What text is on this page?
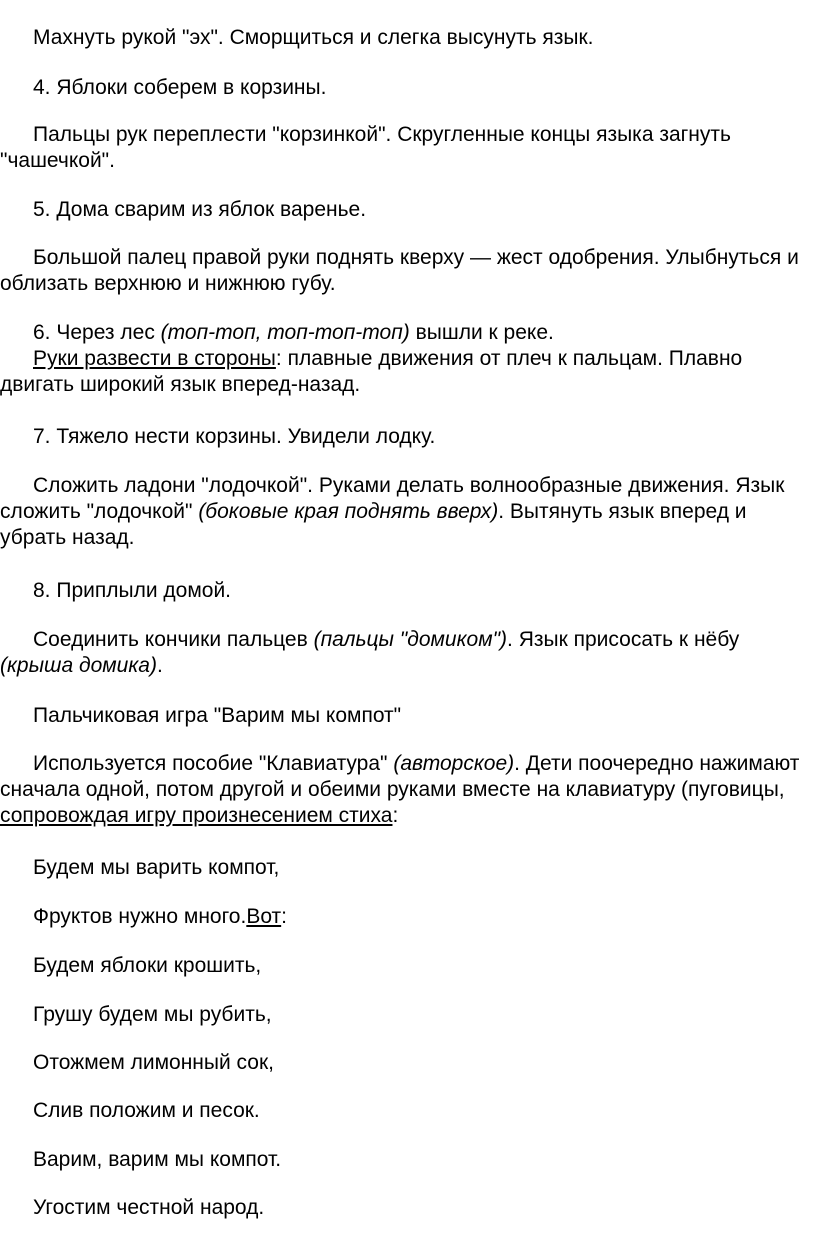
Махнуть рукой "эх". Сморщиться и слегка высунуть язык.

4. Яблоки соберем в корзины.

Пальцы рук переплести "корзинкой". Скругленные концы языка загнуть "чашечкой".

5. Дома сварим из яблок варенье.

Большой палец правой руки поднять кверху — жест одобрения. Улыбнуться и облизать верхнюю и нижнюю губу.

6. Через лес (топ-топ, топ-топ-топ) вышли к реке.

Руки развести в стороны: плавные движения от плеч к пальцам. Плавно двигать широкий язык вперед-назад.

7. Тяжело нести корзины. Увидели лодку.

Сложить ладони "лодочкой". Руками делать волнообразные движения. Язык сложить "лодочкой" (боковые края поднять вверх). Вытянуть язык вперед и убрать назад.

8. Приплыли домой.

Соединить кончики пальцев (пальцы "домиком"). Язык присосать к нёбу (крыша домика).

Пальчиковая игра "Варим мы компот"

Используется пособие "Клавиатура" (авторское). Дети поочередно нажимают сначала одной, потом другой и обеими руками вместе на клавиатуру (пуговицы, сопровождая игру произнесением стиха:

Будем мы варить компот,

Фруктов нужно много.Вот:

Будем яблоки крошить,

Грушу будем мы рубить,

Отожмем лимонный сок,

Слив положим и песок.

Варим, варим мы компот.

Угостим честной народ.
